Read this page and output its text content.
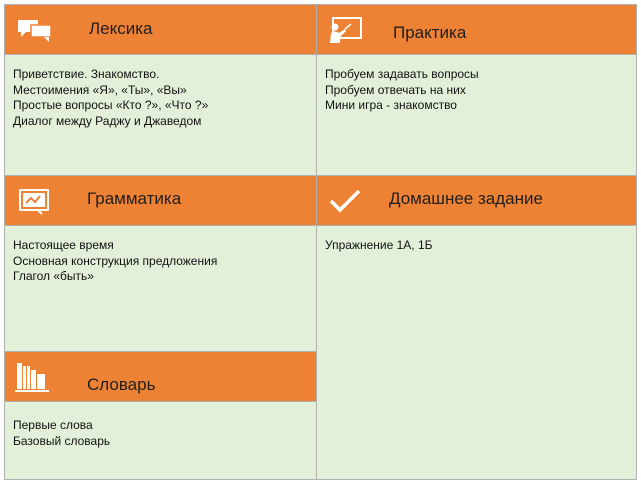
Лексика
Приветствие. Знакомство.
Местоимения «Я», «Ты», «Вы»
Простые вопросы «Кто ?», «Что ?»
Диалог между Раджу и Джаведом
Практика
Пробуем задавать вопросы
Пробуем отвечать на них
Мини игра - знакомство
Грамматика
Настоящее время
Основная конструкция предложения
Глагол «быть»
Домашнее задание
Упражнение 1А, 1Б
Словарь
Первые слова
Базовый словарь
